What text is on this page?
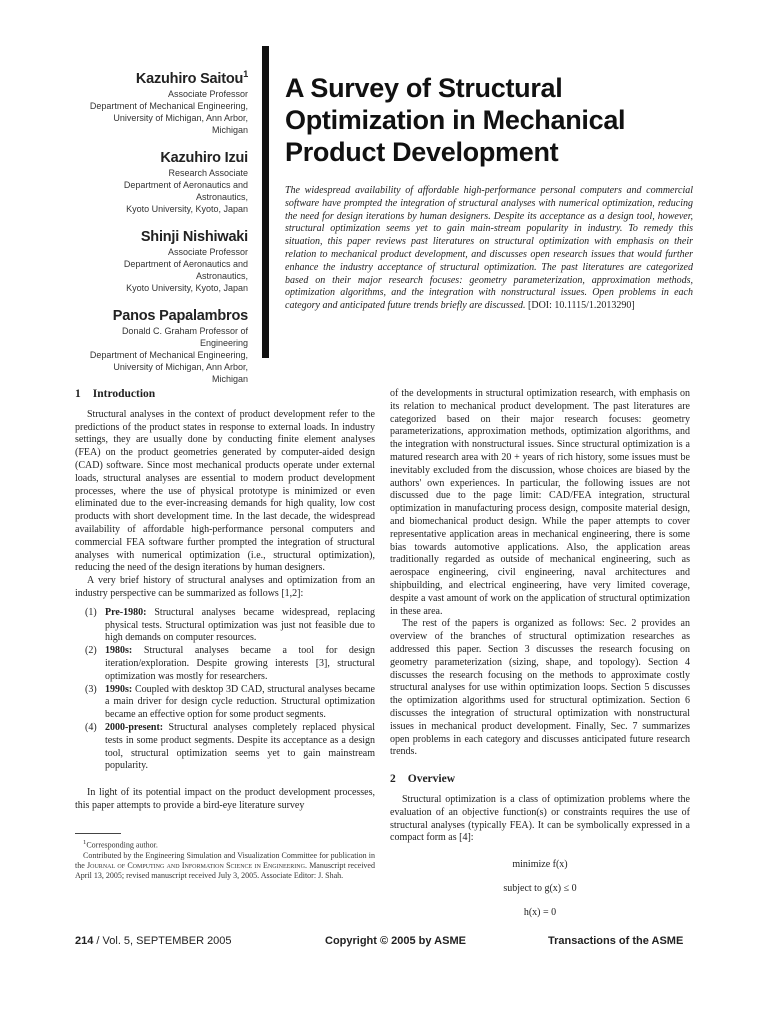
Kazuhiro Saitou$^1$
Associate Professor
Department of Mechanical Engineering,
University of Michigan, Ann Arbor, Michigan
Kazuhiro Izui
Research Associate
Department of Aeronautics and Astronautics,
Kyoto University, Kyoto, Japan
Shinji Nishiwaki
Associate Professor
Department of Aeronautics and Astronautics,
Kyoto University, Kyoto, Japan
Panos Papalambros
Donald C. Graham Professor of Engineering
Department of Mechanical Engineering,
University of Michigan, Ann Arbor, Michigan
A Survey of Structural
Optimization in Mechanical
Product Development
The widespread availability of affordable high-performance personal computers and commercial software have prompted the integration of structural analyses with numerical optimization, reducing the need for design iterations by human designers. Despite its acceptance as a design tool, however, structural optimization seems yet to gain main-stream popularity in industry. To remedy this situation, this paper reviews past literatures on structural optimization with emphasis on their relation to mechanical product development, and discusses open research issues that would further enhance the industry acceptance of structural optimization. The past literatures are categorized based on their major research focuses: geometry parameterization, approximation methods, optimization algorithms, and the integration with nonstructural issues. Open problems in each category and anticipated future trends briefly are discussed. [DOI: 10.1115/1.2013290]
1 Introduction

Structural analyses in the context of product development refer to the predictions of the product states in response to external loads. In industry settings, they are usually done by conducting finite element analyses (FEA) on the product geometries generated by computer-aided design (CAD) software. Since most mechanical products operate under external loads, structural analyses are essential to modern product development processes, where the use of physical prototype is minimized or even eliminated due to the ever-increasing demands for high quality, low cost products with short development time. In the last decade, the widespread availability of affordable high-performance personal computers and commercial FEA software further prompted the integration of structural analyses with numerical optimization (i.e., structural optimization), reducing the need of the design iterations by human designers.

A very brief history of structural analyses and optimization from an industry perspective can be summarized as follows [1,2]:

(1) Pre-1980: Structural analyses became widespread, replacing physical tests. Structural optimization was just not feasible due to high demands on computer resources.
(2) 1980s: Structural analyses became a tool for design iteration/exploration. Despite growing interests [3], structural optimization was mostly for researchers.
(3) 1990s: Coupled with desktop 3D CAD, structural analyses became a main driver for design cycle reduction. Structural optimization became an effective option for some product segments.
(4) 2000-present: Structural analyses completely replaced physical tests in some product segments. Despite its acceptance as a design tool, structural optimization seems yet to gain mainstream popularity.

In light of its potential impact on the product development processes, this paper attempts to provide a bird-eye literature survey

of the developments in structural optimization research, with emphasis on its relation to mechanical product development. The past literatures are categorized based on their major research focuses: geometry parameterizations, approximation methods, optimization algorithms, and the integration with nonstructural issues. Since structural optimization is a matured research area with 20 + years of rich history, some issues must be inevitably excluded from the discussion, whose choices are biased by the authors' own experiences. In particular, the following issues are not discussed due to the page limit: CAD/FEA integration, structural optimization in manufacturing process design, composite material design, and biomechanical product design. While the paper attempts to cover representative application areas in mechanical engineering, there is some bias towards automotive applications. Also, the application areas traditionally regarded as outside of mechanical engineering, such as aerospace engineering, civil engineering, naval architectures and shipbuilding, and electrical engineering, have very limited coverage, despite a vast amount of work on the application of structural optimization in these area.

The rest of the papers is organized as follows: Sec. 2 provides an overview of the branches of structural optimization researches as addressed this paper. Section 3 discusses the research focusing on geometry parameterization (sizing, shape, and topology). Section 4 discusses the research focusing on the methods to approximate costly structural analyses for use within optimization loops. Section 5 discusses the optimization algorithms used for structural optimization. Section 6 discusses the integration of structural optimization with nonstructural issues in mechanical product development. Finally, Sec. 7 summarizes open problems in each category and discusses anticipated future research trends.

2 Overview

Structural optimization is a class of optimization problems where the evaluation of an objective function(s) or constraints requires the use of structural analyses (typically FEA). It can be symbolically expressed in a compact form as [4]:

minimize f(x)
subject to g(x) ≤ 0
h(x) = 0

$^1$Corresponding author.

Contributed by the Engineering Simulation and Visualization Committee for publication in the Journal of Computing and Information Science in Engineering. Manuscript received April 13, 2005; revised manuscript received July 3, 2005. Associate Editor: J. Shah.

214 / Vol. 5, SEPTEMBER 2005	Copyright © 2005 by ASME	Transactions of the ASME
